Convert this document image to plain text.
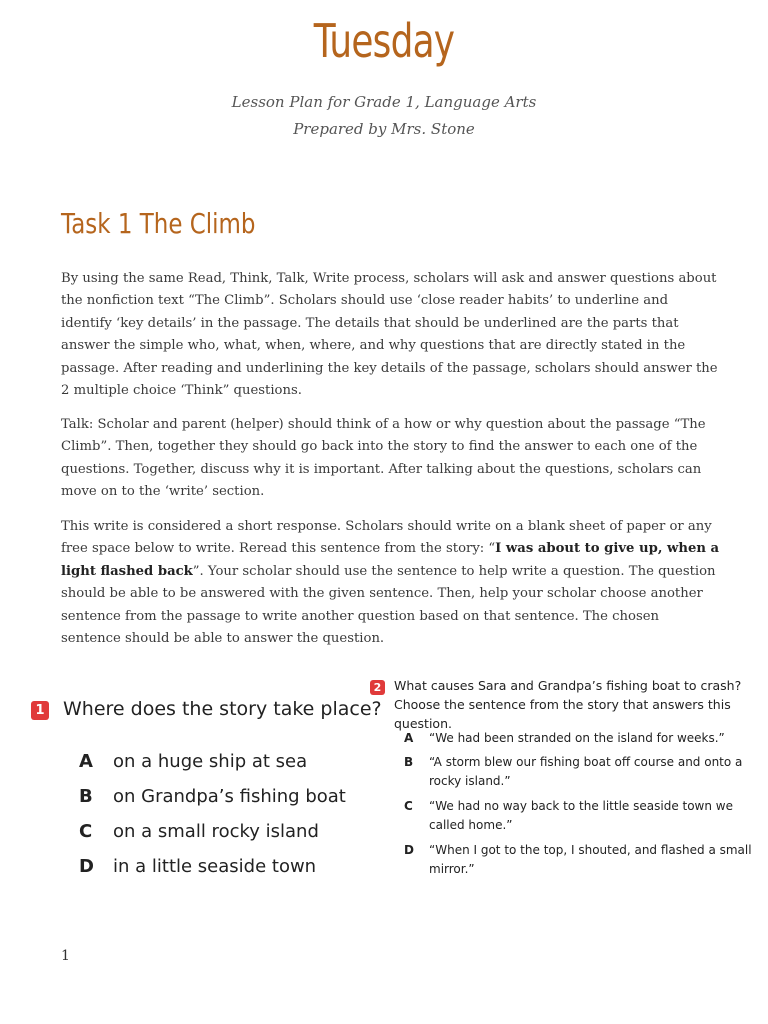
Tuesday
Lesson Plan for Grade 1, Language Arts
Prepared by Mrs. Stone
Task 1 The Climb
By using the same Read, Think, Talk, Write process, scholars will ask and answer questions about the nonfiction text “The Climb”. Scholars should use ‘close reader habits’ to underline and identify ‘key details’ in the passage. The details that should be underlined are the parts that answer the simple who, what, when, where, and why questions that are directly stated in the passage. After reading and underlining the key details of the passage, scholars should answer the 2 multiple choice ‘Think” questions.
Talk: Scholar and parent (helper) should think of a how or why question about the passage “The Climb”. Then, together they should go back into the story to find the answer to each one of the questions. Together, discuss why it is important. After talking about the questions, scholars can move on to the ‘write’ section.
This write is considered a short response. Scholars should write on a blank sheet of paper or any free space below to write. Reread this sentence from the story: “I was about to give up, when a light flashed back”. Your scholar should use the sentence to help write a question. The question should be able to be answered with the given sentence. Then, help your scholar choose another sentence from the passage to write another question based on that sentence. The chosen sentence should be able to answer the question.
1 Where does the story take place?
A on a huge ship at sea
B on Grandpa’s fishing boat
C on a small rocky island
D in a little seaside town
2 What causes Sara and Grandpa’s fishing boat to crash? Choose the sentence from the story that answers this question.
A “We had been stranded on the island for weeks.”
B “A storm blew our fishing boat off course and onto a rocky island.”
C “We had no way back to the little seaside town we called home.”
D “When I got to the top, I shouted, and flashed a small mirror.”
1
